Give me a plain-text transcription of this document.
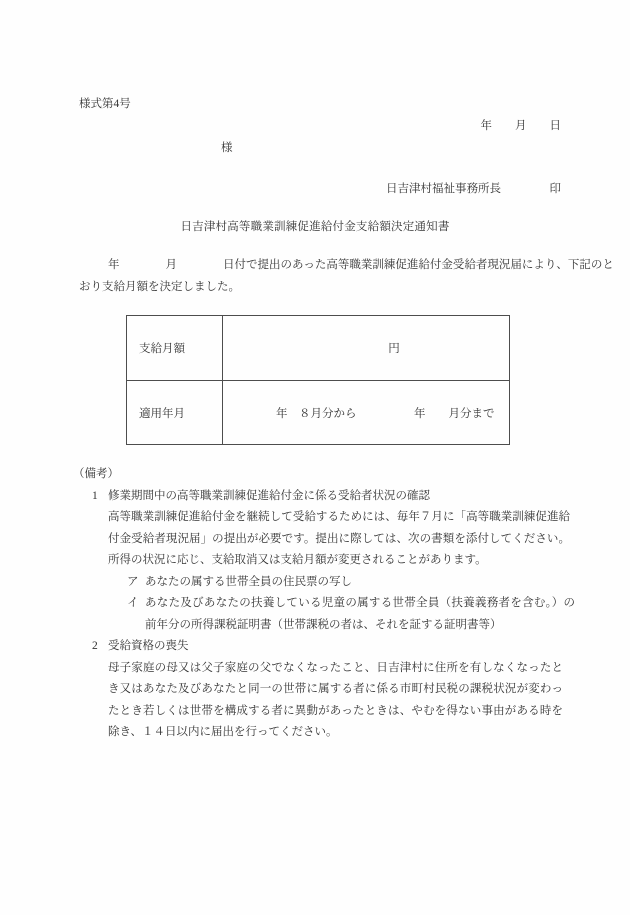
様式第4号
年　　月　　日
様
日吉津村福祉事務所長	印
日吉津村高等職業訓練促進給付金支給額決定通知書
年　　　　月　　　　日付で提出のあった高等職業訓練促進給付金受給者現況届により、下記のとおり支給月額を決定しました。
支給月額	円
適用年月	年　８月分から　　　　　年　　月分まで
（備考）
1 修業期間中の高等職業訓練促進給付金に係る受給者状況の確認
高等職業訓練促進給付金を継続して受給するためには、毎年７月に「高等職業訓練促進給付金受給者現況届」の提出が必要です。提出に際しては、次の書類を添付してください。所得の状況に応じ、支給取消又は支給月額が変更されることがあります。
ア あなたの属する世帯全員の住民票の写し
イ あなた及びあなたの扶養している児童の属する世帯全員（扶養義務者を含む。）の前年分の所得課税証明書（世帯課税の者は、それを証する証明書等）
2 受給資格の喪失
母子家庭の母又は父子家庭の父でなくなったこと、日吉津村に住所を有しなくなったとき又はあなた及びあなたと同一の世帯に属する者に係る市町村民税の課税状況が変わったとき若しくは世帯を構成する者に異動があったときは、やむを得ない事由がある時を除き、１４日以内に届出を行ってください。
